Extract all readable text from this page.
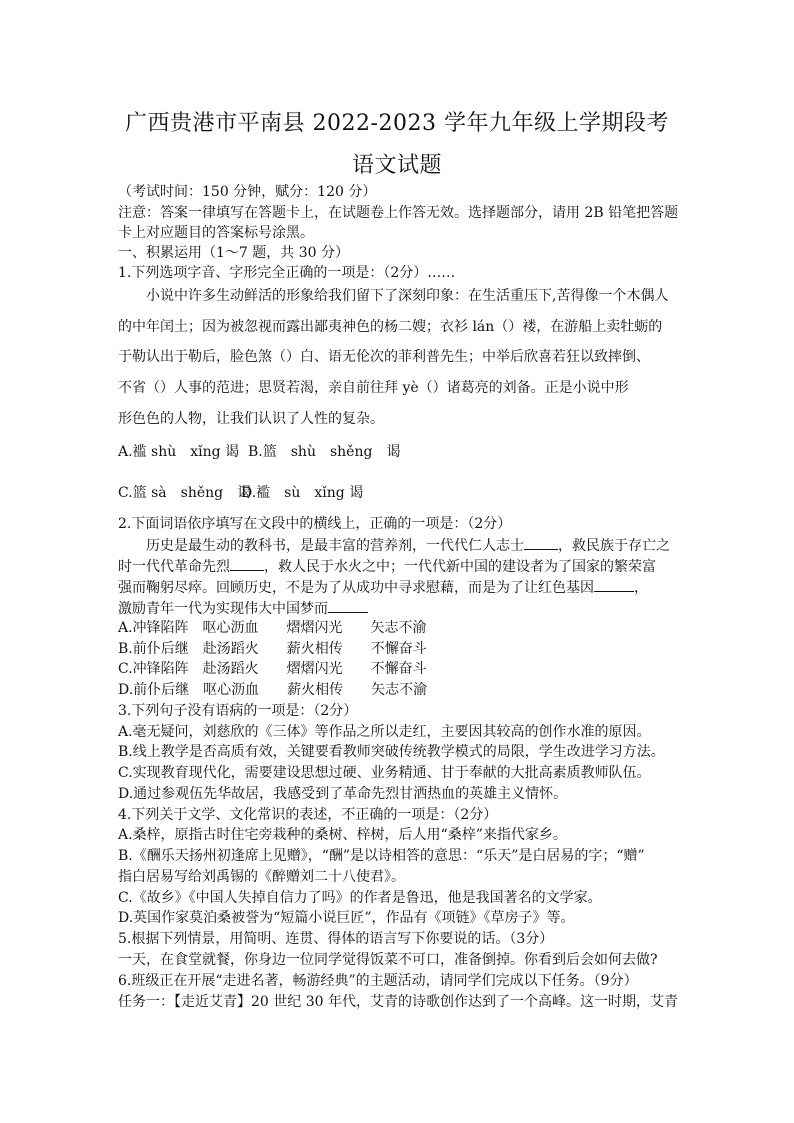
广西贵港市平南县 2022-2023 学年九年级上学期段考
语文试题
（考试时间：150 分钟，赋分：120 分）
注意：答案一律填写在答题卡上，在试题卷上作答无效。选择题部分，请用 2B 铅笔把答题
卡上对应题目的答案标号涂黑。
一、积累运用（1～7 题，共 30 分）
1.下列选项字音、字形完全正确的一项是：（2分）……
小说中许多生动鲜活的形象给我们留下了深刻印象：在生活重压下,苦得像一个木偶人
的中年闰土；因为被忽视而露出鄙夷神色的杨二嫂；衣衫 lán（）褛，在游船上卖牡蛎的
于勒认出于勒后，脸色煞（）白、语无伦次的菲利普先生；中举后欣喜若狂以致摔倒、
不省（）人事的范进；思贤若渴，亲自前往拜 yè（）诸葛亮的刘备。正是小说中形
形色色的人物，让我们认识了人性的复杂。
A.褴 shù　xǐng 谒 B.篮　shù　shěng　谒
C.篮 sà　shěng　谒
D.褴　sù　xǐng 谒
2.下面词语依序填写在文段中的横线上，正确的一项是：（2分）
历史是最生动的教科书，是最丰富的营养剂，一代代仁人志士 ，救民族于存亡之
时一代代革命先烈 ，救人民于水火之中；一代代新中国的建设者为了国家的繁荣富
强而鞠躬尽瘁。回顾历史，不是为了从成功中寻求慰藉，而是为了让红色基因	，
激励青年一代为实现伟大中国梦而
A.冲锋陷阵　呕心沥血　　熠熠闪光　　矢志不渝
B.前仆后继　赴汤蹈火　　薪火相传　　不懈奋斗
C.冲锋陷阵　赴汤蹈火　　熠熠闪光　　不懈奋斗
D.前仆后继　呕心沥血　　薪火相传　　矢志不渝
3.下列句子没有语病的一项是：（2分）
A.毫无疑问，刘慈欣的《三体》等作品之所以走红，主要因其较高的创作水准的原因。
B.线上教学是否高质有效，关键要看教师突破传统教学模式的局限，学生改进学习方法。
C.实现教育现代化，需要建设思想过硬、业务精通、甘于奉献的大批高素质教师队伍。
D.通过参观伍先华故居，我感受到了革命先烈甘洒热血的英雄主义情怀。
4.下列关于文学、文化常识的表述，不正确的一项是：（2分）
A.桑梓，原指古时住宅旁栽种的桑树、梓树，后人用“桑梓”来指代家乡。
B.《酬乐天扬州初逢席上见赠》，“酬”是以诗相答的意思：“乐天”是白居易的字；“赠”
指白居易写给刘禹锡的《醉赠刘二十八使君》。
C.《故乡》《中国人失掉自信力了吗》的作者是鲁迅，他是我国著名的文学家。
D.英国作家莫泊桑被誉为“短篇小说巨匠”，作品有《项链》《草房子》等。
5.根据下列情景，用简明、连贯、得体的语言写下你要说的话。（3分）
一天，在食堂就餐，你身边一位同学觉得饭菜不可口，准备倒掉。你看到后会如何去做?
6.班级正在开展“走进名著，畅游经典”的主题活动，请同学们完成以下任务。（9分）
任务一：【走近艾青】20 世纪 30 年代，艾青的诗歌创作达到了一个高峰。这一时期，艾青
